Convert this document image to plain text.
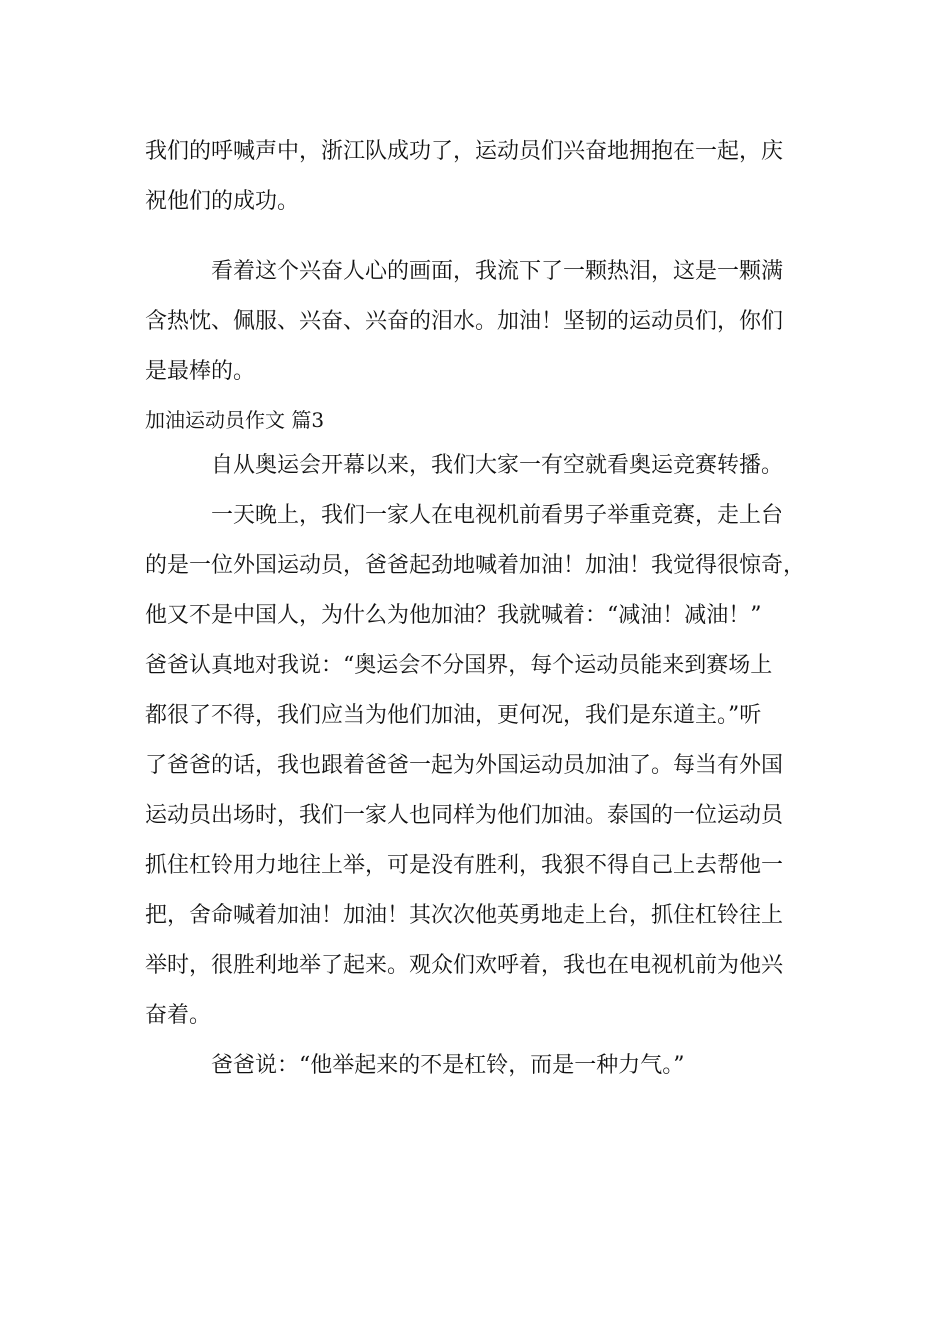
我们的呼喊声中，浙江队成功了，运动员们兴奋地拥抱在一起，庆
祝他们的成功。
看着这个兴奋人心的画面，我流下了一颗热泪，这是一颗满
含热忱、佩服、兴奋、兴奋的泪水。加油！坚韧的运动员们，你们
是最棒的。
加油运动员作文 篇3
自从奥运会开幕以来，我们大家一有空就看奥运竞赛转播。
一天晚上，我们一家人在电视机前看男子举重竞赛，走上台
的是一位外国运动员，爸爸起劲地喊着加油！加油！我觉得很惊奇，
他又不是中国人，为什么为他加油？我就喊着：“减油！减油！”
爸爸认真地对我说：“奥运会不分国界，每个运动员能来到赛场上
都很了不得，我们应当为他们加油，更何况，我们是东道主。”听
了爸爸的话，我也跟着爸爸一起为外国运动员加油了。每当有外国
运动员出场时，我们一家人也同样为他们加油。泰国的一位运动员
抓住杠铃用力地往上举，可是没有胜利，我狠不得自己上去帮他一
把，舍命喊着加油！加油！其次次他英勇地走上台，抓住杠铃往上
举时，很胜利地举了起来。观众们欢呼着，我也在电视机前为他兴
奋着。
爸爸说：“他举起来的不是杠铃，而是一种力气。”
